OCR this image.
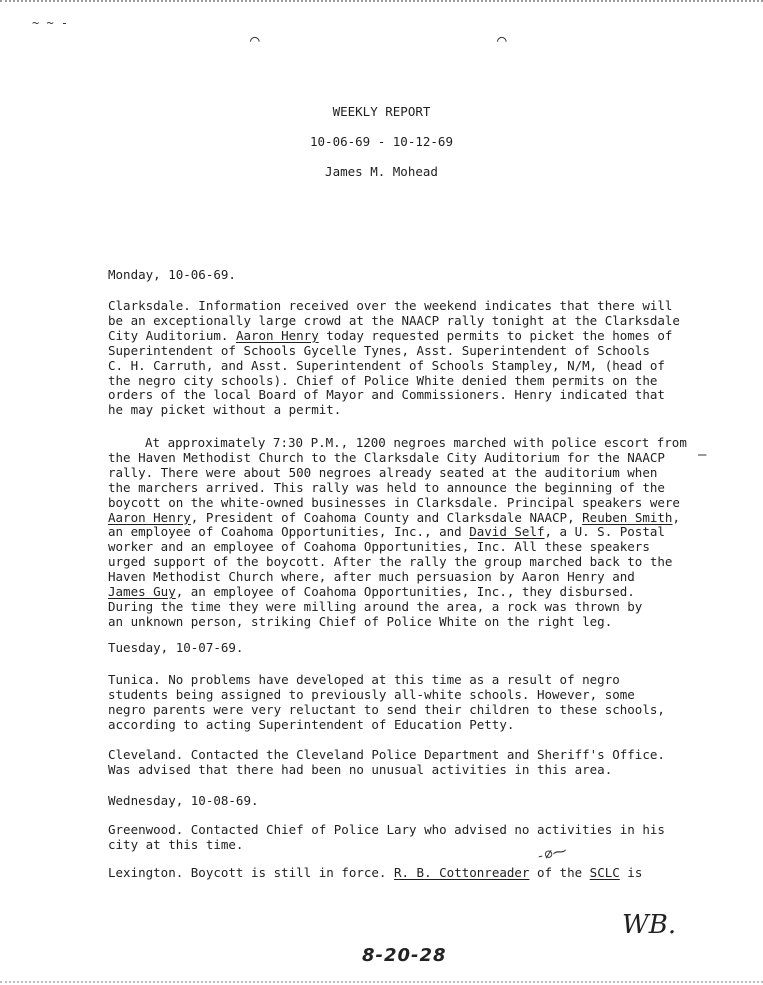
~ ~ -
⌒	⌒
WEEKLY REPORT
10-06-69 - 10-12-69
James M. Mohead
Monday, 10-06-69.

Clarksdale. Information received over the weekend indicates that there will

be an exceptionally large crowd at the NAACP rally tonight at the Clarksdale

City Auditorium. Aaron Henry today requested permits to picket the homes of

Superintendent of Schools Gycelle Tynes, Asst. Superintendent of Schools

C. H. Carruth, and Asst. Superintendent of Schools Stampley, N/M, (head of

the negro city schools). Chief of Police White denied them permits on the

orders of the local Board of Mayor and Commissioners. Henry indicated that

he may picket without a permit.

At approximately 7:30 P.M., 1200 negroes marched with police escort from

the Haven Methodist Church to the Clarksdale City Auditorium for the NAACP

rally. There were about 500 negroes already seated at the auditorium when

the marchers arrived. This rally was held to announce the beginning of the

boycott on the white-owned businesses in Clarksdale. Principal speakers were

Aaron Henry, President of Coahoma County and Clarksdale NAACP, Reuben Smith,

an employee of Coahoma Opportunities, Inc., and David Self, a U. S. Postal

worker and an employee of Coahoma Opportunities, Inc. All these speakers

urged support of the boycott. After the rally the group marched back to the

Haven Methodist Church where, after much persuasion by Aaron Henry and

James Guy, an employee of Coahoma Opportunities, Inc., they disbursed.

During the time they were milling around the area, a rock was thrown by

an unknown person, striking Chief of Police White on the right leg.

—
Tuesday, 10-07-69.

Tunica. No problems have developed at this time as a result of negro

students being assigned to previously all-white schools. However, some

negro parents were very reluctant to send their children to these schools,

according to acting Superintendent of Education Petty.

Cleveland. Contacted the Cleveland Police Department and Sheriff's Office.

Was advised that there had been no unusual activities in this area.

Wednesday, 10-08-69.

Greenwood. Contacted Chief of Police Lary who advised no activities in his

city at this time.

Lexington. Boycott is still in force. R. B. Cottonreader of the SCLC is

-⌀⁓
WB.
8-20-28
